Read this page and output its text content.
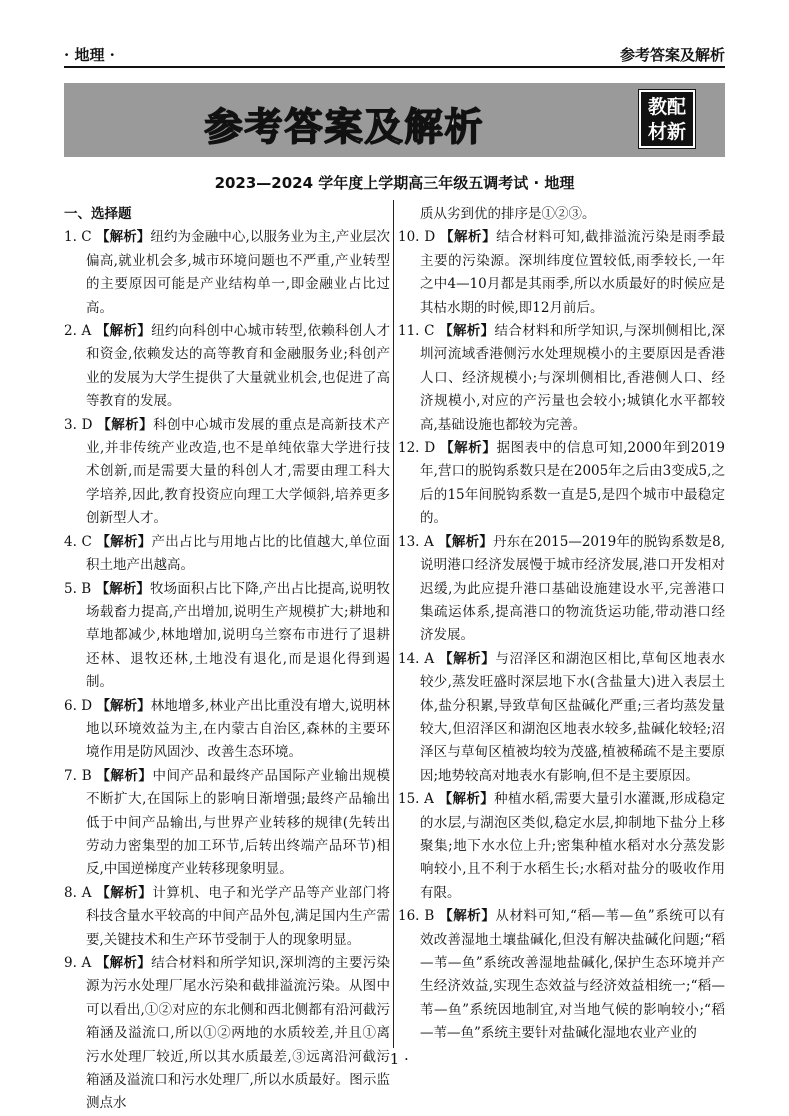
· 地理 ·	参考答案及解析
参考答案及解析	教配
材新
2023—2024 学年度上学期高三年级五调考试 · 地理
一、选择题
1. C 【解析】纽约为金融中心,以服务业为主,产业层次偏高,就业机会多,城市环境问题也不严重,产业转型的主要原因可能是产业结构单一,即金融业占比过高。
2. A 【解析】纽约向科创中心城市转型,依赖科创人才和资金,依赖发达的高等教育和金融服务业;科创产业的发展为大学生提供了大量就业机会,也促进了高等教育的发展。
3. D 【解析】科创中心城市发展的重点是高新技术产业,并非传统产业改造,也不是单纯依靠大学进行技术创新,而是需要大量的科创人才,需要由理工科大学培养,因此,教育投资应向理工大学倾斜,培养更多创新型人才。
4. C 【解析】产出占比与用地占比的比值越大,单位面积土地产出越高。
5. B 【解析】牧场面积占比下降,产出占比提高,说明牧场载畜力提高,产出增加,说明生产规模扩大;耕地和草地都减少,林地增加,说明乌兰察布市进行了退耕还林、退牧还林,土地没有退化,而是退化得到遏制。
6. D 【解析】林地增多,林业产出比重没有增大,说明林地以环境效益为主,在内蒙古自治区,森林的主要环境作用是防风固沙、改善生态环境。
7. B 【解析】中间产品和最终产品国际产业输出规模不断扩大,在国际上的影响日渐增强;最终产品输出低于中间产品输出,与世界产业转移的规律(先转出劳动力密集型的加工环节,后转出终端产品环节)相反,中国逆梯度产业转移现象明显。
8. A 【解析】计算机、电子和光学产品等产业部门将科技含量水平较高的中间产品外包,满足国内生产需要,关键技术和生产环节受制于人的现象明显。
9. A 【解析】结合材料和所学知识,深圳湾的主要污染源为污水处理厂尾水污染和截排溢流污染。从图中可以看出,①②对应的东北侧和西北侧都有沿河截污箱涵及溢流口,所以①②两地的水质较差,并且①离污水处理厂较近,所以其水质最差,③远离沿河截污箱涵及溢流口和污水处理厂,所以水质最好。图示监测点水
质从劣到优的排序是①②③。
10. D 【解析】结合材料可知,截排溢流污染是雨季最主要的污染源。深圳纬度位置较低,雨季较长,一年之中4—10月都是其雨季,所以水质最好的时候应是其枯水期的时候,即12月前后。
11. C 【解析】结合材料和所学知识,与深圳侧相比,深圳河流域香港侧污水处理规模小的主要原因是香港人口、经济规模小;与深圳侧相比,香港侧人口、经济规模小,对应的产污量也会较小;城镇化水平都较高,基础设施也都较为完善。
12. D 【解析】据图表中的信息可知,2000年到2019年,营口的脱钩系数只是在2005年之后由3变成5,之后的15年间脱钩系数一直是5,是四个城市中最稳定的。
13. A 【解析】丹东在2015—2019年的脱钩系数是8,说明港口经济发展慢于城市经济发展,港口开发相对迟缓,为此应提升港口基础设施建设水平,完善港口集疏运体系,提高港口的物流货运功能,带动港口经济发展。
14. A 【解析】与沼泽区和湖泡区相比,草甸区地表水较少,蒸发旺盛时深层地下水(含盐量大)进入表层土体,盐分积累,导致草甸区盐碱化严重;三者均蒸发量较大,但沼泽区和湖泡区地表水较多,盐碱化较轻;沼泽区与草甸区植被均较为茂盛,植被稀疏不是主要原因;地势较高对地表水有影响,但不是主要原因。
15. A 【解析】种植水稻,需要大量引水灌溉,形成稳定的水层,与湖泡区类似,稳定水层,抑制地下盐分上移聚集;地下水水位上升;密集种植水稻对水分蒸发影响较小,且不利于水稻生长;水稻对盐分的吸收作用有限。
16. B 【解析】从材料可知,“稻—苇—鱼”系统可以有效改善湿地土壤盐碱化,但没有解决盐碱化问题;“稻—苇—鱼”系统改善湿地盐碱化,保护生态环境并产生经济效益,实现生态效益与经济效益相统一;“稻—苇—鱼”系统因地制宜,对当地气候的影响较小;“稻—苇—鱼”系统主要针对盐碱化湿地农业产业的
· 1 ·
